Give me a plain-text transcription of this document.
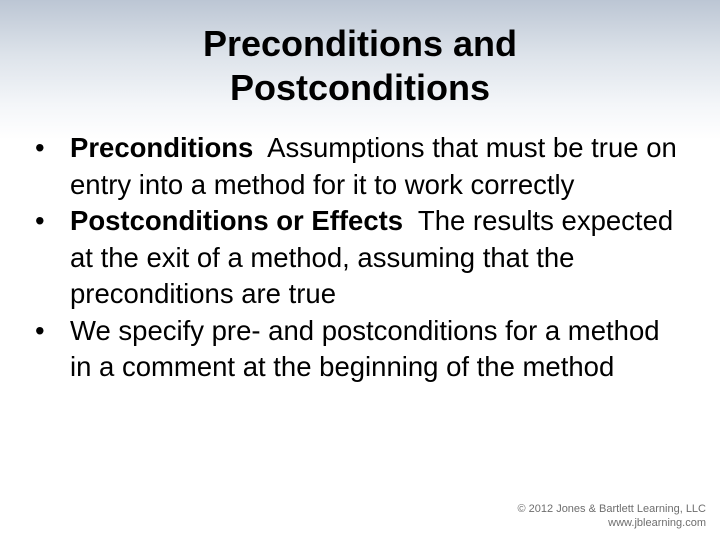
Preconditions and
Postconditions
• Preconditions Assumptions that must be true on entry into a method for it to work correctly
• Postconditions or Effects The results expected at the exit of a method, assuming that the preconditions are true
• We specify pre- and postconditions for a method in a comment at the beginning of the method
© 2012 Jones & Bartlett Learning, LLC
www.jblearning.com
